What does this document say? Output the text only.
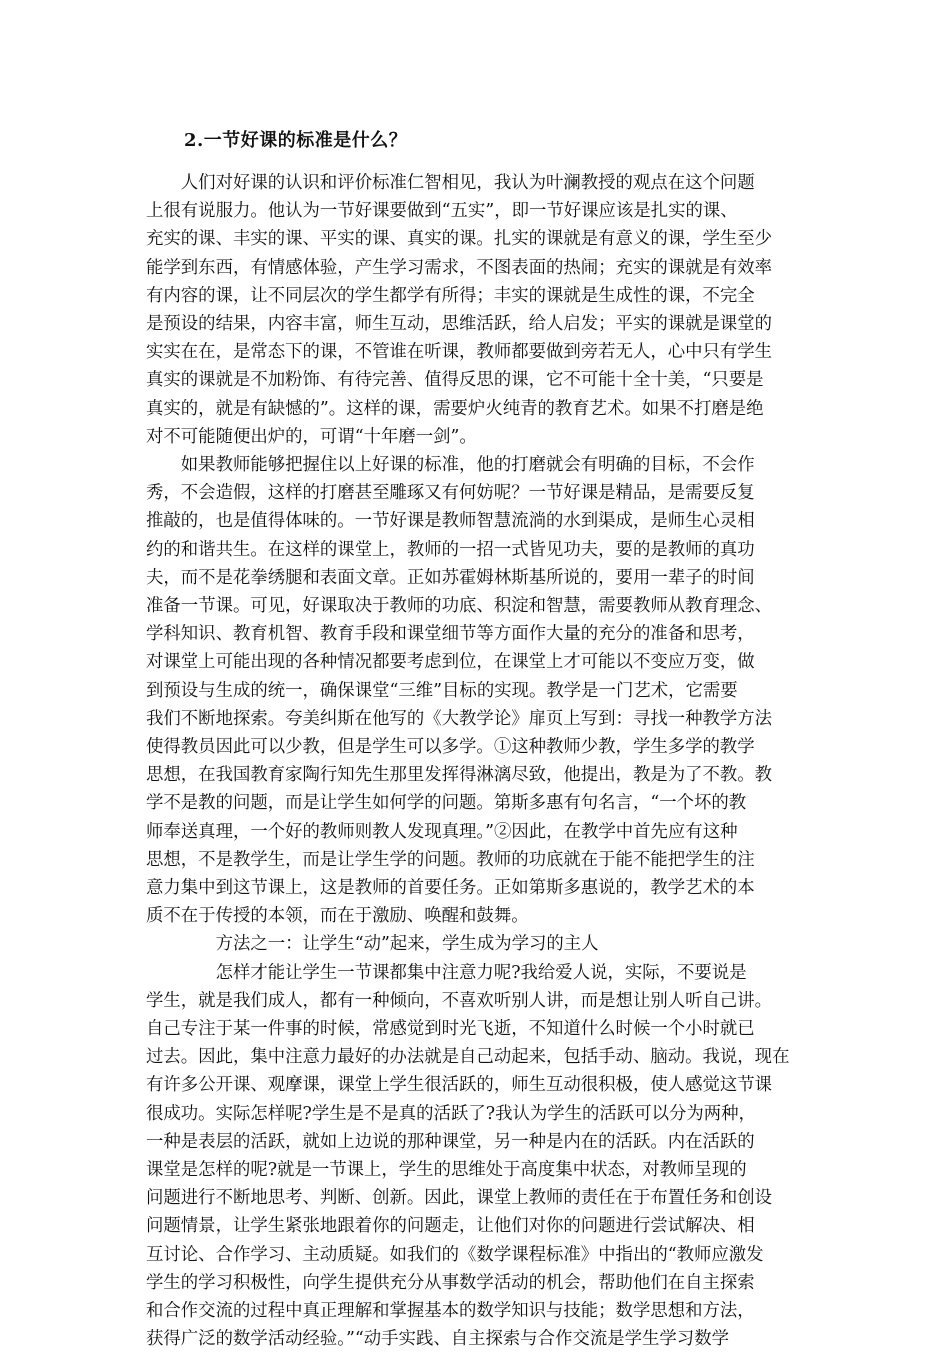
2.一节好课的标准是什么？
　　人们对好课的认识和评价标准仁智相见，我认为叶澜教授的观点在这个问题
上很有说服力。他认为一节好课要做到“五实”，即一节好课应该是扎实的课、
充实的课、丰实的课、平实的课、真实的课。扎实的课就是有意义的课，学生至少
能学到东西，有情感体验，产生学习需求，不图表面的热闹；充实的课就是有效率
有内容的课，让不同层次的学生都学有所得；丰实的课就是生成性的课，不完全
是预设的结果，内容丰富，师生互动，思维活跃，给人启发；平实的课就是课堂的
实实在在，是常态下的课，不管谁在听课，教师都要做到旁若无人，心中只有学生
真实的课就是不加粉饰、有待完善、值得反思的课，它不可能十全十美，“只要是
真实的，就是有缺憾的”。这样的课，需要炉火纯青的教育艺术。如果不打磨是绝
对不可能随便出炉的，可谓“十年磨一剑”。
　　如果教师能够把握住以上好课的标准，他的打磨就会有明确的目标，不会作
秀，不会造假，这样的打磨甚至雕琢又有何妨呢？一节好课是精品，是需要反复
推敲的，也是值得体味的。一节好课是教师智慧流淌的水到渠成，是师生心灵相
约的和谐共生。在这样的课堂上，教师的一招一式皆见功夫，要的是教师的真功
夫，而不是花拳绣腿和表面文章。正如苏霍姆林斯基所说的，要用一辈子的时间
准备一节课。可见，好课取决于教师的功底、积淀和智慧，需要教师从教育理念、
学科知识、教育机智、教育手段和课堂细节等方面作大量的充分的准备和思考，
对课堂上可能出现的各种情况都要考虑到位，在课堂上才可能以不变应万变，做
到预设与生成的统一，确保课堂“三维”目标的实现。教学是一门艺术，它需要
我们不断地探索。夸美纠斯在他写的《大教学论》扉页上写到：寻找一种教学方法
使得教员因此可以少教，但是学生可以多学。①这种教师少教，学生多学的教学
思想，在我国教育家陶行知先生那里发挥得淋漓尽致，他提出，教是为了不教。教
学不是教的问题，而是让学生如何学的问题。第斯多惠有句名言，“一个坏的教
师奉送真理，一个好的教师则教人发现真理。”②因此，在教学中首先应有这种
思想，不是教学生，而是让学生学的问题。教师的功底就在于能不能把学生的注
意力集中到这节课上，这是教师的首要任务。正如第斯多惠说的，教学艺术的本
质不在于传授的本领，而在于激励、唤醒和鼓舞。
　　　　方法之一：让学生“动”起来，学生成为学习的主人
　　　　怎样才能让学生一节课都集中注意力呢?我给爱人说，实际，不要说是
学生，就是我们成人，都有一种倾向，不喜欢听别人讲，而是想让别人听自己讲。
自己专注于某一件事的时候，常感觉到时光飞逝，不知道什么时候一个小时就已
过去。因此，集中注意力最好的办法就是自己动起来，包括手动、脑动。我说，现在
有许多公开课、观摩课，课堂上学生很活跃的，师生互动很积极，使人感觉这节课
很成功。实际怎样呢?学生是不是真的活跃了?我认为学生的活跃可以分为两种，
一种是表层的活跃，就如上边说的那种课堂，另一种是内在的活跃。内在活跃的
课堂是怎样的呢?就是一节课上，学生的思维处于高度集中状态，对教师呈现的
问题进行不断地思考、判断、创新。因此，课堂上教师的责任在于布置任务和创设
问题情景，让学生紧张地跟着你的问题走，让他们对你的问题进行尝试解决、相
互讨论、合作学习、主动质疑。如我们的《数学课程标准》中指出的“教师应激发
学生的学习积极性，向学生提供充分从事数学活动的机会，帮助他们在自主探索
和合作交流的过程中真正理解和掌握基本的数学知识与技能；数学思想和方法，
获得广泛的数学活动经验。”“动手实践、自主探索与合作交流是学生学习数学
